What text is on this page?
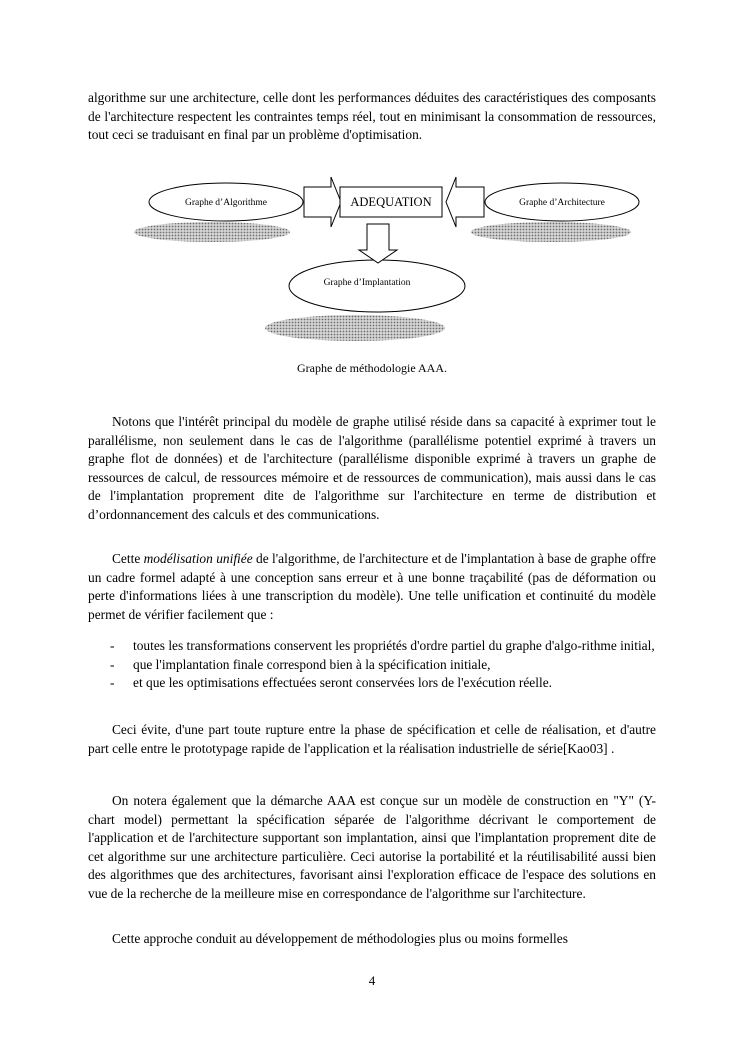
algorithme sur une architecture, celle dont les performances déduites des caractéristiques des composants de l'architecture respectent les contraintes temps réel, tout en minimisant la consommation de ressources, tout ceci se traduisant en final par un problème d'optimisation.

Graphe d’Algorithme	Graphe d’Architecture
Graphe d’Implantation
ADEQUATION
Graphe de méthodologie AAA.

Notons que l'intérêt principal du modèle de graphe utilisé réside dans sa capacité à exprimer tout le parallélisme, non seulement dans le cas de l'algorithme (parallélisme potentiel exprimé à travers un graphe flot de données) et de l'architecture (parallélisme disponible exprimé à travers un graphe de ressources de calcul, de ressources mémoire et de ressources de communication), mais aussi dans le cas de l'implantation proprement dite de l'algorithme sur l'architecture en terme de distribution et d’ordonnancement des calculs et des communications.

Cette modélisation unifiée de l'algorithme, de l'architecture et de l'implantation à base de graphe offre un cadre formel adapté à une conception sans erreur et à une bonne traçabilité (pas de déformation ou perte d'informations liées à une transcription du modèle). Une telle unification et continuité du modèle permet de vérifier facilement que :

- toutes les transformations conservent les propriétés d'ordre partiel du graphe d'algo-rithme initial,
- que l'implantation finale correspond bien à la spécification initiale,
- et que les optimisations effectuées seront conservées lors de l'exécution réelle.

Ceci évite, d'une part toute rupture entre la phase de spécification et celle de réalisation, et d'autre part celle entre le prototypage rapide de l'application et la réalisation industrielle de série[Kao03] .

On notera également que la démarche AAA est conçue sur un modèle de construction en "Y" (Y-chart model) permettant la spécification séparée de l'algorithme décrivant le comportement de l'application et de l'architecture supportant son implantation, ainsi que l'implantation proprement dite de cet algorithme sur une architecture particulière. Ceci autorise la portabilité et la réutilisabilité aussi bien des algorithmes que des architectures, favorisant ainsi l'exploration efficace de l'espace des solutions en vue de la recherche de la meilleure mise en correspondance de l'algorithme sur l'architecture.

Cette approche conduit au développement de méthodologies plus ou moins formelles

4
